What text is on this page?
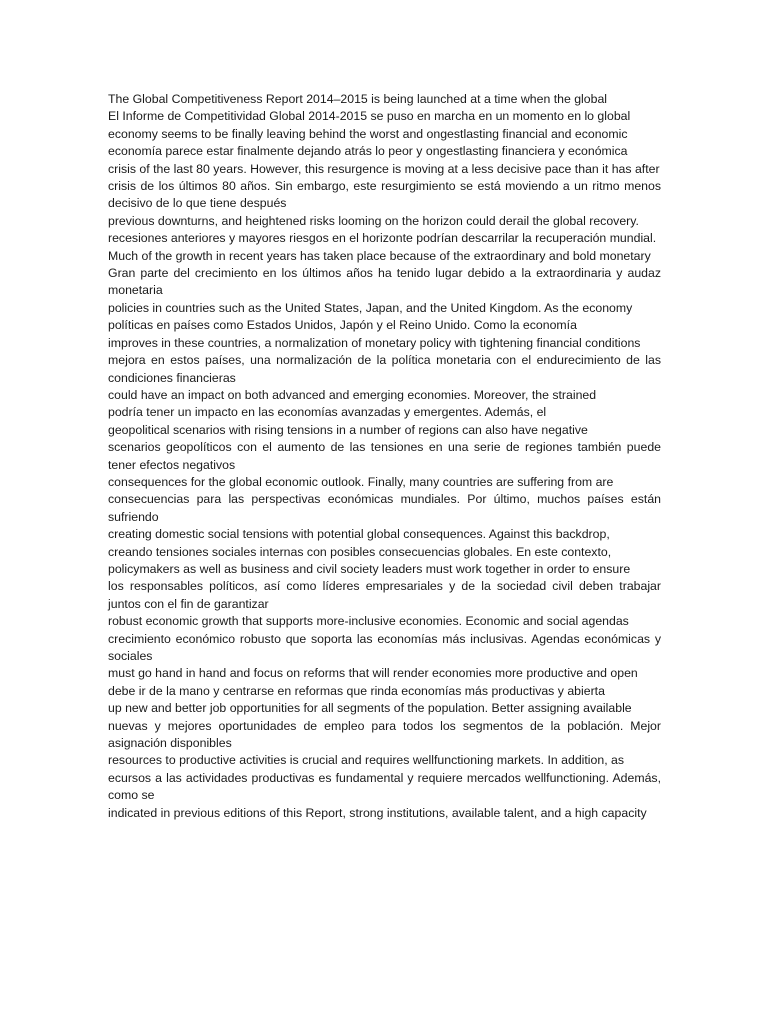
The Global Competitiveness Report 2014–2015 is being launched at a time when the global

El Informe de Competitividad Global 2014-2015 se puso en marcha en un momento en lo global

economy seems to be finally leaving behind the worst and ongestlasting financial and economic

economía parece estar finalmente dejando atrás lo peor y ongestlasting financiera y económica

crisis of the last 80 years. However, this resurgence is moving at a less decisive pace than it has after

crisis de los últimos 80 años. Sin embargo, este resurgimiento se está moviendo a un ritmo menos decisivo de lo que tiene después

previous downturns, and heightened risks looming on the horizon could derail the global recovery.

recesiones anteriores y mayores riesgos en el horizonte podrían descarrilar la recuperación mundial.

Much of the growth in recent years has taken place because of the extraordinary and bold monetary

Gran parte del crecimiento en los últimos años ha tenido lugar debido a la extraordinaria y audaz monetaria

policies in countries such as the United States, Japan, and the United Kingdom. As the economy

políticas en países como Estados Unidos, Japón y el Reino Unido. Como la economía

improves in these countries, a normalization of monetary policy with tightening financial conditions

mejora en estos países, una normalización de la política monetaria con el endurecimiento de las condiciones financieras

could have an impact on both advanced and emerging economies. Moreover, the strained

podría tener un impacto en las economías avanzadas y emergentes. Además, el

geopolitical scenarios with rising tensions in a number of regions can also have negative

scenarios geopolíticos con el aumento de las tensiones en una serie de regiones también puede tener efectos negativos

consequences for the global economic outlook. Finally, many countries are suffering from are

consecuencias para las perspectivas económicas mundiales. Por último, muchos países están sufriendo

creating domestic social tensions with potential global consequences. Against this backdrop,

creando tensiones sociales internas con posibles consecuencias globales. En este contexto,

policymakers as well as business and civil society leaders must work together in order to ensure

los responsables políticos, así como líderes empresariales y de la sociedad civil deben trabajar juntos con el fin de garantizar

robust economic growth that supports more-inclusive economies. Economic and social agendas

crecimiento económico robusto que soporta las economías más inclusivas. Agendas económicas y sociales

must go hand in hand and focus on reforms that will render economies more productive and open

debe ir de la mano y centrarse en reformas que rinda economías más productivas y abierta

up new and better job opportunities for all segments of the population. Better assigning available

nuevas y mejores oportunidades de empleo para todos los segmentos de la población. Mejor asignación disponibles

resources to productive activities is crucial and requires wellfunctioning markets. In addition, as

ecursos a las actividades productivas es fundamental y requiere mercados wellfunctioning. Además, como se

indicated in previous editions of this Report, strong institutions, available talent, and a high capacity
